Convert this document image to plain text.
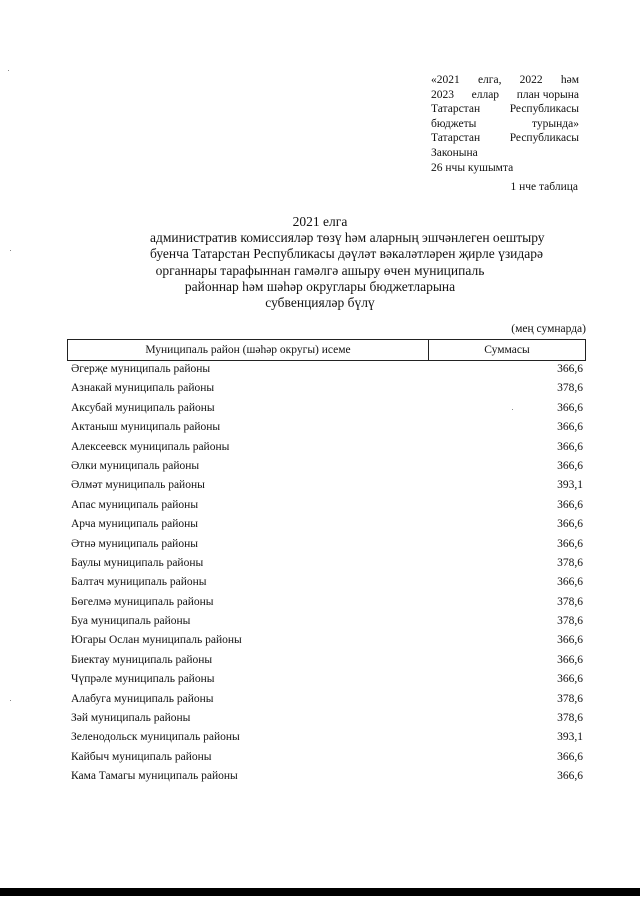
«2021 елга, 2022 һәм
2023 еллар план чорына
Татарстан	Республикасы
бюджеты	турында»
Татарстан	Республикасы
Законына
26 нчы кушымта
1 нче таблица
2021 елга
административ комиссияләр төзү һәм аларның эшчәнлеген оештыру
буенча Татарстан Республикасы дәүләт вәкаләтләрен җирле үзидарә
органнары тарафыннан гамәлгә ашыру өчен муниципаль
районнар һәм шәһәр округлары бюджетларына
субвенцияләр бүлү
(мең сумнарда)
Муниципаль район (шәһәр округы) исеме	Суммасы
Әгерҗе муниципаль районы	366,6
Азнакай муниципаль районы	378,6
Аксубай муниципаль районы	366,6
Актаныш муниципаль районы	366,6
Алексеевск муниципаль районы	366,6
Әлки муниципаль районы	366,6
Әлмәт муниципаль районы	393,1
Апас муниципаль районы	366,6
Арча муниципаль районы	366,6
Әтнә муниципаль районы	366,6
Баулы муниципаль районы	378,6
Балтач муниципаль районы	366,6
Бөгелмә муниципаль районы	378,6
Буа муниципаль районы	378,6
Югары Ослан муниципаль районы	366,6
Биектау муниципаль районы	366,6
Чүпрәле муниципаль районы	366,6
Алабуга муниципаль районы	378,6
Зәй муниципаль районы	378,6
Зеленодольск муниципаль районы	393,1
Кайбыч муниципаль районы	366,6
Кама Тамагы муниципаль районы	366,6
